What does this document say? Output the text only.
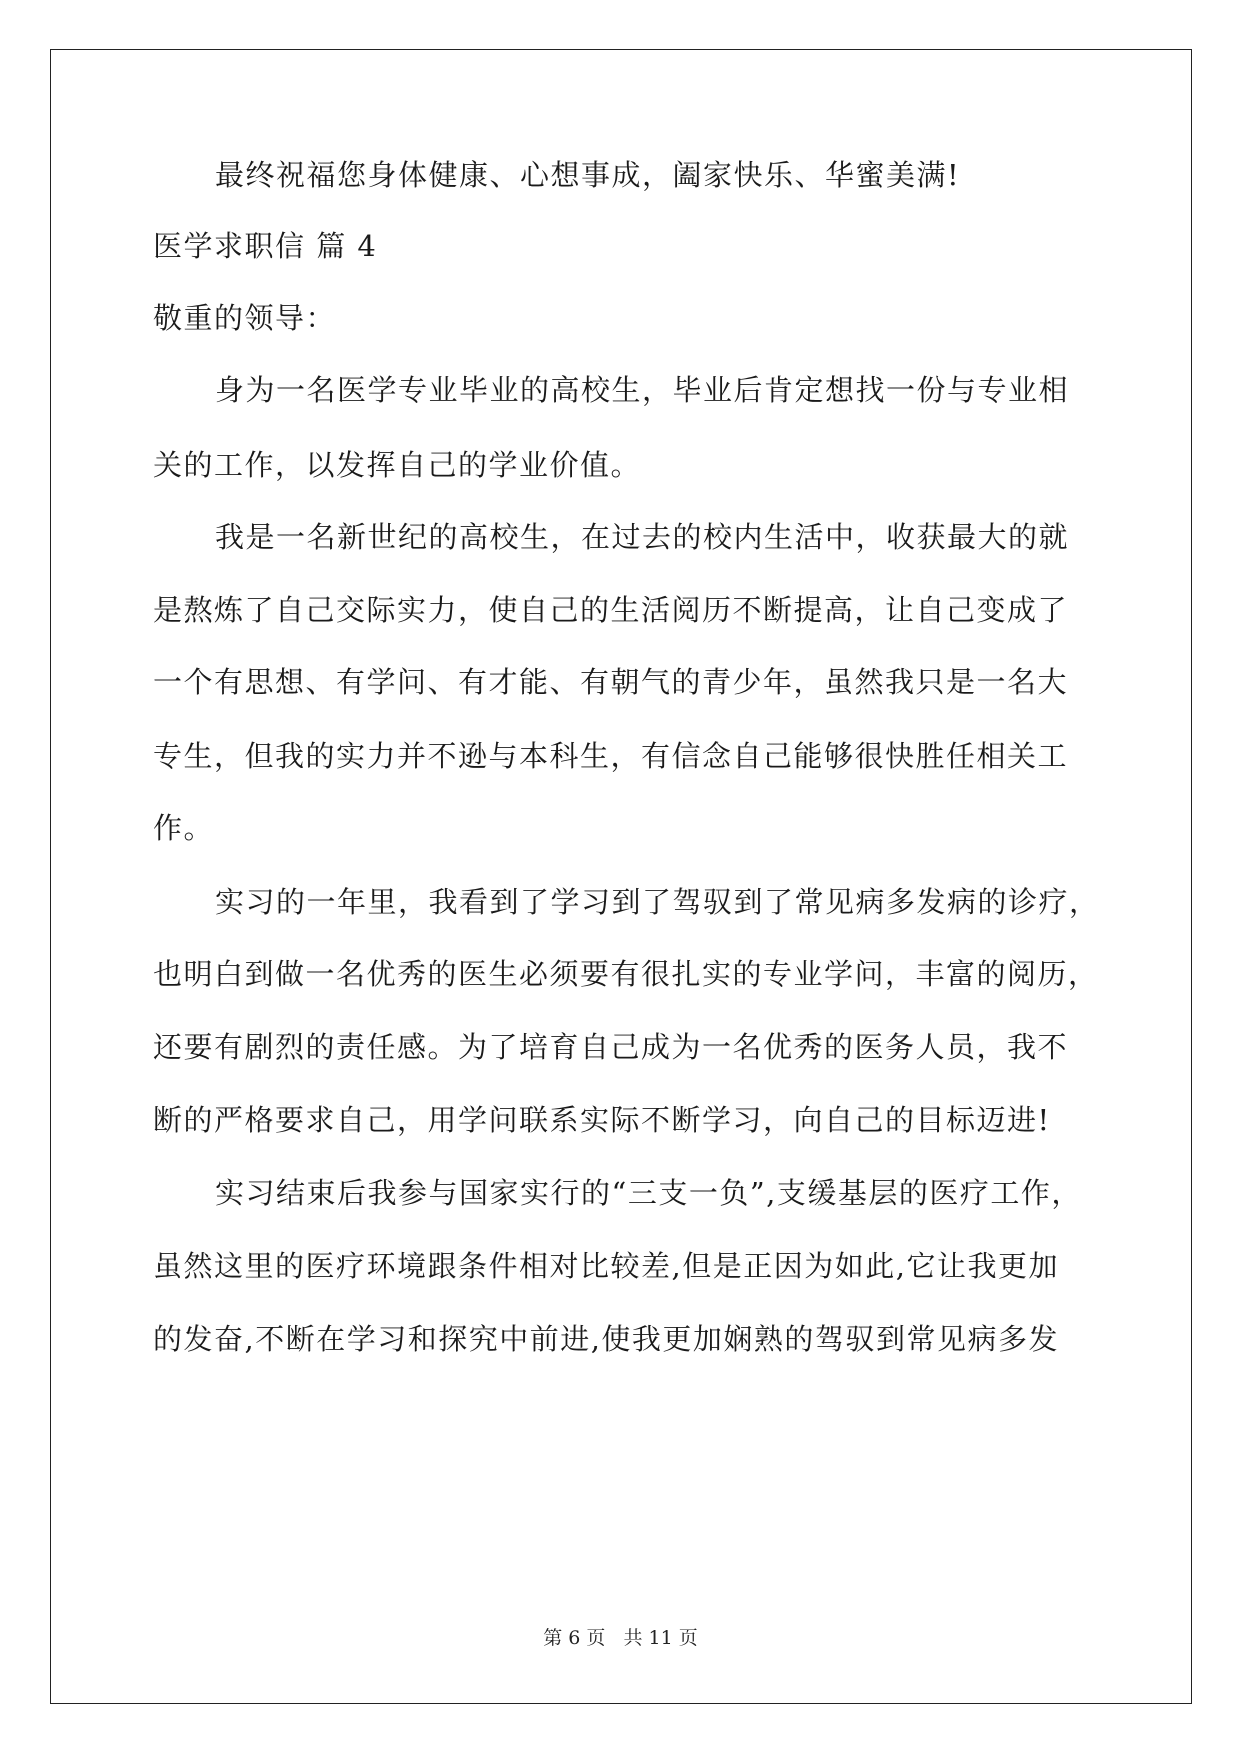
最终祝福您身体健康、心想事成，阖家快乐、华蜜美满!
医学求职信 篇 4
敬重的领导：
身为一名医学专业毕业的高校生，毕业后肯定想找一份与专业相
关的工作，以发挥自己的学业价值。
我是一名新世纪的高校生，在过去的校内生活中，收获最大的就
是熬炼了自己交际实力，使自己的生活阅历不断提高，让自己变成了
一个有思想、有学问、有才能、有朝气的青少年，虽然我只是一名大
专生，但我的实力并不逊与本科生，有信念自己能够很快胜任相关工
作。
实习的一年里，我看到了学习到了驾驭到了常见病多发病的诊疗，
也明白到做一名优秀的医生必须要有很扎实的专业学问，丰富的阅历，
还要有剧烈的责任感。为了培育自己成为一名优秀的医务人员，我不
断的严格要求自己，用学问联系实际不断学习，向自己的目标迈进!
实习结束后我参与国家实行的“三支一负”,支缓基层的医疗工作，
虽然这里的医疗环境跟条件相对比较差,但是正因为如此,它让我更加
的发奋,不断在学习和探究中前进,使我更加娴熟的驾驭到常见病多发
第 6 页 共 11 页
